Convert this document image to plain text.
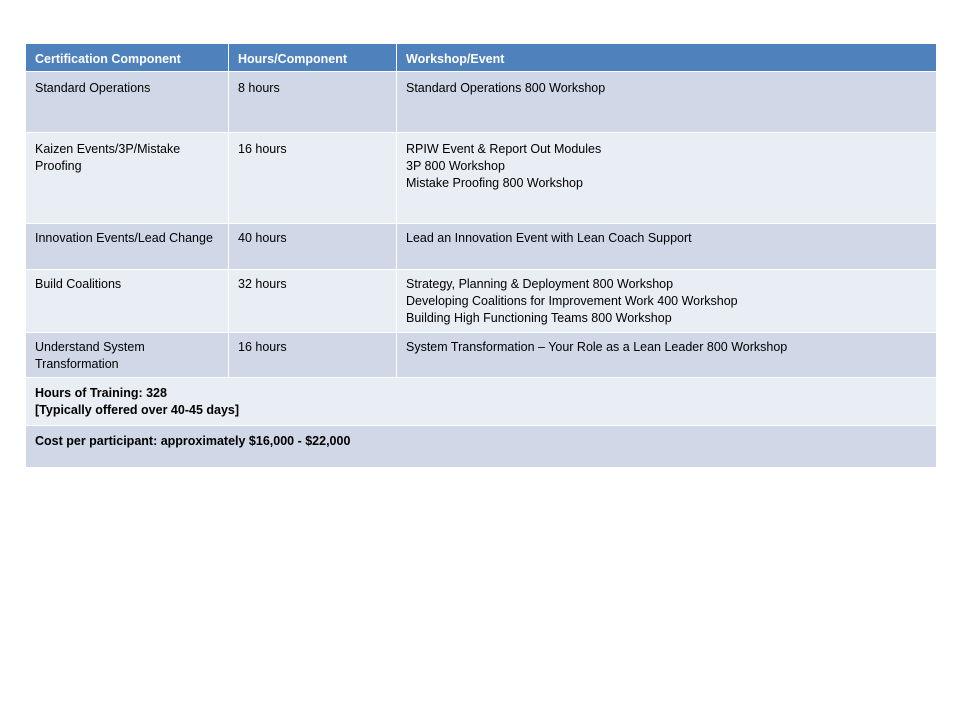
Certification Component	Hours/Component	Workshop/Event
Standard Operations	8 hours	Standard Operations 800 Workshop

Kaizen Events/3P/Mistake Proofing	16 hours	RPIW Event & Report Out Modules
3P 800 Workshop
Mistake Proofing 800 Workshop

Innovation Events/Lead Change	40 hours	Lead an Innovation Event with Lean Coach Support

Build Coalitions	32 hours	Strategy, Planning & Deployment 800 Workshop
Developing Coalitions for Improvement Work 400 Workshop
Building High Functioning Teams 800 Workshop

Understand System Transformation	16 hours	System Transformation – Your Role as a Lean Leader 800 Workshop

Hours of Training: 328
[Typically offered over 40-45 days]		

Cost per participant: approximately $16,000 - $22,000		
